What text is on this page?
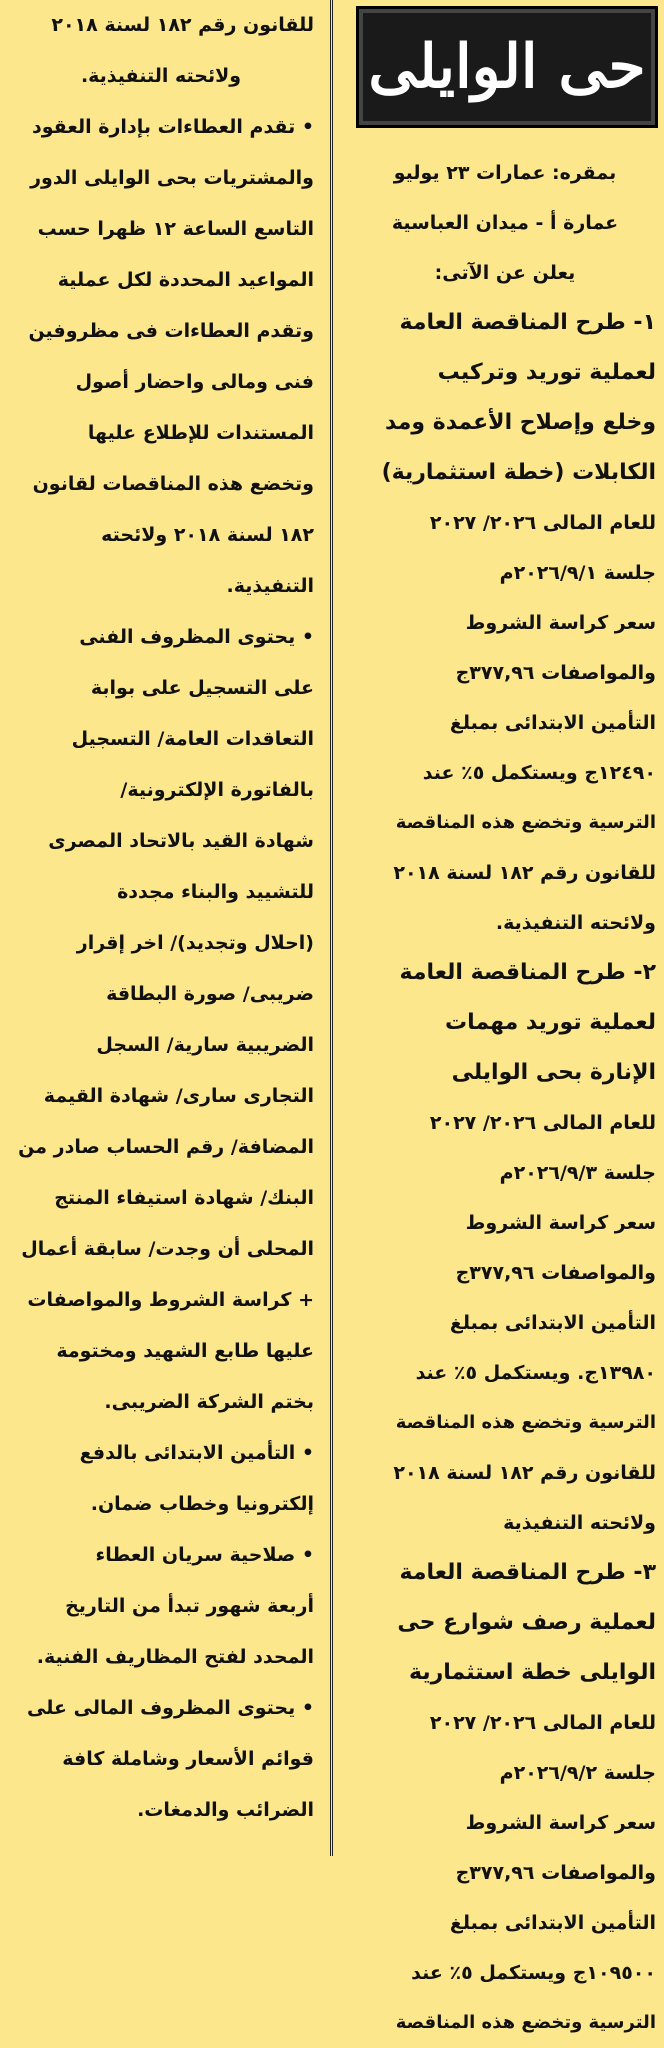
حى الوايلى
بمقره: عمارات ٢٣ يوليو
عمارة أ - ميدان العباسية
يعلن عن الآتى:
١- طرح المناقصة العامة
لعملية توريد وتركيب
وخلع وإصلاح الأعمدة ومد
الكابلات (خطة استثمارية)
للعام المالى ٢٠٢٦/ ٢٠٢٧
جلسة ٢٠٢٦/٩/١م
سعر كراسة الشروط
والمواصفات ٣٧٧,٩٦ج
التأمين الابتدائى بمبلغ
١٢٤٩٠ج ويستكمل ٥٪ عند
الترسية وتخضع هذه المناقصة
للقانون رقم ١٨٢ لسنة ٢٠١٨
ولائحته التنفيذية.
٢- طرح المناقصة العامة
لعملية توريد مهمات
الإنارة بحى الوايلى
للعام المالى ٢٠٢٦/ ٢٠٢٧
جلسة ٢٠٢٦/٩/٣م
سعر كراسة الشروط
والمواصفات ٣٧٧,٩٦ج
التأمين الابتدائى بمبلغ
١٣٩٨٠ج. ويستكمل ٥٪ عند
الترسية وتخضع هذه المناقصة
للقانون رقم ١٨٢ لسنة ٢٠١٨
ولائحته التنفيذية
٣- طرح المناقصة العامة
لعملية رصف شوارع حى
الوايلى خطة استثمارية
للعام المالى ٢٠٢٦/ ٢٠٢٧
جلسة ٢٠٢٦/٩/٢م
سعر كراسة الشروط
والمواصفات ٣٧٧,٩٦ج
التأمين الابتدائى بمبلغ
١٠٩٥٠٠ج ويستكمل ٥٪ عند
الترسية وتخضع هذه المناقصة
للقانون رقم ١٨٢ لسنة ٢٠١٨
ولائحته التنفيذية.
• تقدم العطاءات بإدارة العقود
والمشتريات بحى الوايلى الدور
التاسع الساعة ١٢ ظهرا حسب
المواعيد المحددة لكل عملية
وتقدم العطاءات فى مظروفين
فنى ومالى واحضار أصول
المستندات للإطلاع عليها
وتخضع هذه المناقصات لقانون
١٨٢ لسنة ٢٠١٨ ولائحته
التنفيذية.
• يحتوى المظروف الفنى
على التسجيل على بوابة
التعاقدات العامة/ التسجيل
بالفاتورة الإلكترونية/
شهادة القيد بالاتحاد المصرى
للتشييد والبناء مجددة
(احلال وتجديد)/ اخر إقرار
ضريبى/ صورة البطاقة
الضريبية سارية/ السجل
التجارى سارى/ شهادة القيمة
المضافة/ رقم الحساب صادر من
البنك/ شهادة استيفاء المنتج
المحلى أن وجدت/ سابقة أعمال
+ كراسة الشروط والمواصفات
عليها طابع الشهيد ومختومة
بختم الشركة الضريبى.
• التأمين الابتدائى بالدفع
إلكترونيا وخطاب ضمان.
• صلاحية سريان العطاء
أربعة شهور تبدأ من التاريخ
المحدد لفتح المظاريف الفنية.
• يحتوى المظروف المالى على
قوائم الأسعار وشاملة كافة
الضرائب والدمغات.
